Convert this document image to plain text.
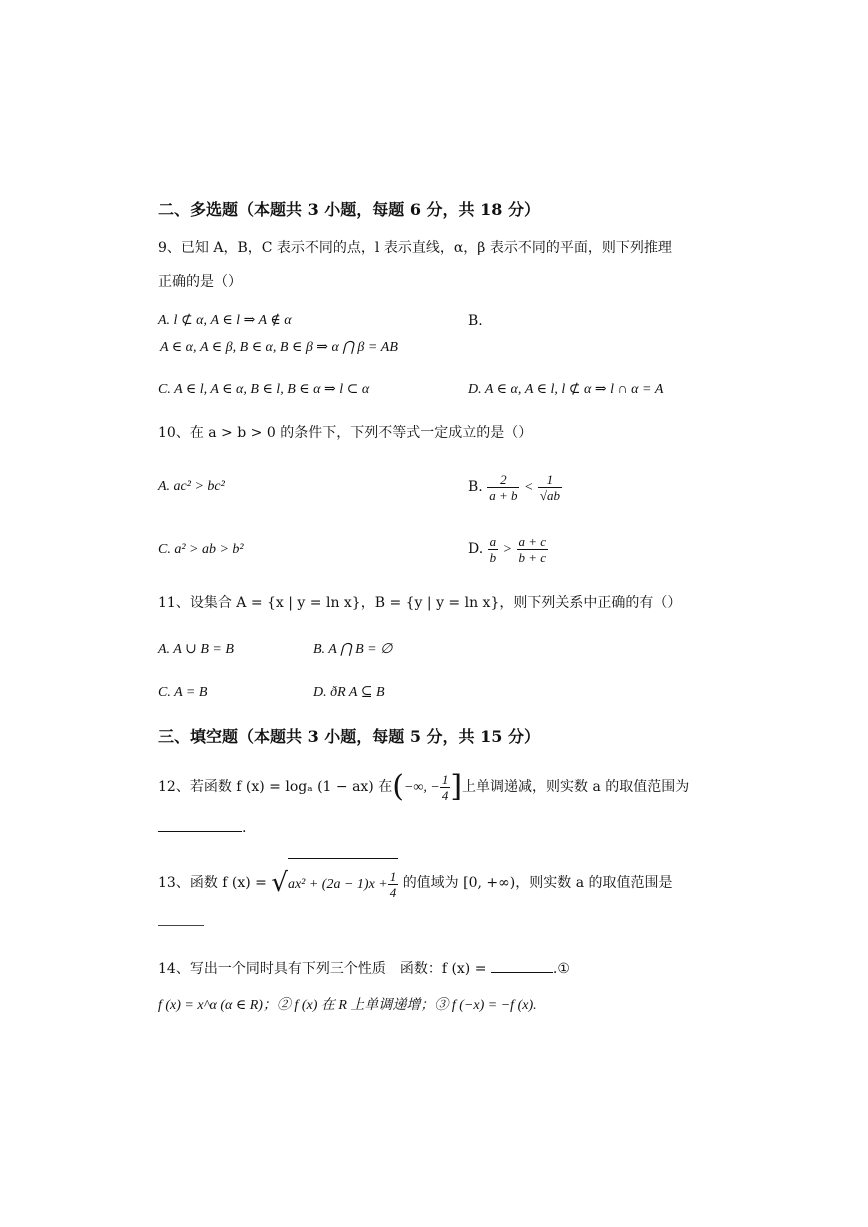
二、多选题（本题共 3 小题，每题 6 分，共 18 分）
9、已知 A，B，C 表示不同的点，l 表示直线，α，β 表示不同的平面，则下列推理
正确的是（）
A. l ⊄ α, A ∈ l ⇒ A ∉ α	B.
A ∈ α, A ∈ β, B ∈ α, B ∈ β ⇒ α ⋂ β = AB
C. A ∈ l, A ∈ α, B ∈ l, B ∈ α ⇒ l ⊂ α	D. A ∈ α, A ∈ l, l ⊄ α ⇒ l ∩ α = A
10、在 a > b > 0 的条件下，下列不等式一定成立的是（）
A. ac² > bc²	B. $\frac{2}{a + b} < \frac{1}{√ab}$
C. a² > ab > b²	D. $\frac{a}{b} > \frac{a + c}{b + c}$
11、设集合 A = {x | y = ln x}，B = {y | y = ln x}，则下列关系中正确的有（）
A. A ∪ B = B	B. A ⋂ B = ∅
C. A = B	D. ðR A ⊆ B
三、填空题（本题共 3 小题，每题 5 分，共 15 分）
12、若函数 f (x) = logₐ (1 − ax) 在(−∞, − $\frac{1}{4}$ ]上单调递减，则实数 a 的取值范围为
.
13、函数 f $(x) = √ax^2 + (2a - 1)x + \frac{1}{4}$ 的值域为 [0, +∞)，则实数 a 的取值范围是
14、写出一个同时具有下列三个性质　函数：f (x) =	.①
f (x) = x^α (α ∈ R)；② f (x) 在 R 上单调递增；③ f (−x) = −f (x).
